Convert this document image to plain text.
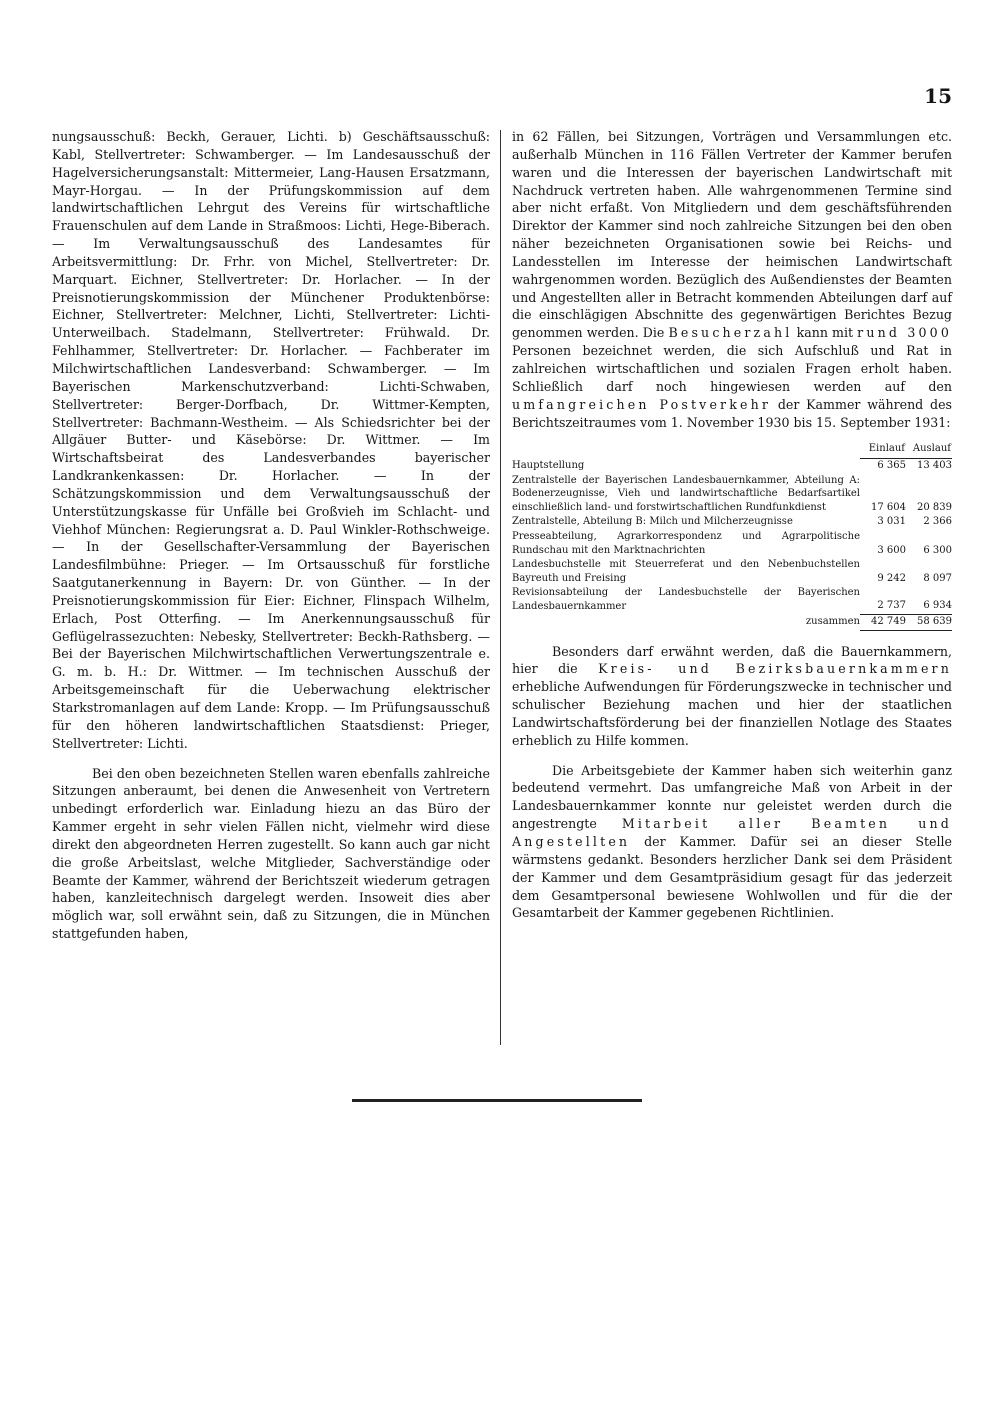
15

nungsausschuß: Beckh, Gerauer, Lichti. b) Geschäftsausschuß: Kabl, Stellvertreter: Schwamberger. — Im Landesausschuß der Hagelversicherungsanstalt: Mittermeier, Lang-Hausen Ersatzmann, Mayr-Horgau. — In der Prüfungskommission auf dem landwirtschaftlichen Lehrgut des Vereins für wirtschaftliche Frauenschulen auf dem Lande in Straßmoos: Lichti, Hege-Biberach. — Im Verwaltungsausschuß des Landesamtes für Arbeitsvermittlung: Dr. Frhr. von Michel, Stellvertreter: Dr. Marquart. Eichner, Stellvertreter: Dr. Horlacher. — In der Preisnotierungskommission der Münchener Produktenbörse: Eichner, Stellvertreter: Melchner, Lichti, Stellvertreter: Lichti-Unterweilbach. Stadelmann, Stellvertreter: Frühwald. Dr. Fehlhammer, Stellvertreter: Dr. Horlacher. — Fachberater im Milchwirtschaftlichen Landesverband: Schwamberger. — Im Bayerischen Markenschutzverband: Lichti-Schwaben, Stellvertreter: Berger-Dorfbach, Dr. Wittmer-Kempten, Stellvertreter: Bachmann-Westheim. — Als Schiedsrichter bei der Allgäuer Butter- und Käsebörse: Dr. Wittmer. — Im Wirtschaftsbeirat des Landesverbandes bayerischer Landkrankenkassen: Dr. Horlacher. — In der Schätzungskommission und dem Verwaltungsausschuß der Unterstützungskasse für Unfälle bei Großvieh im Schlacht- und Viehhof München: Regierungsrat a. D. Paul Winkler-Rothschweige. — In der Gesellschafter-Versammlung der Bayerischen Landesfilmbühne: Prieger. — Im Ortsausschuß für forstliche Saatgutanerkennung in Bayern: Dr. von Günther. — In der Preisnotierungskommission für Eier: Eichner, Flinspach Wilhelm, Erlach, Post Otterfing. — Im Anerkennungsausschuß für Geflügelrassezuchten: Nebesky, Stellvertreter: Beckh-Rathsberg. — Bei der Bayerischen Milchwirtschaftlichen Verwertungszentrale e. G. m. b. H.: Dr. Wittmer. — Im technischen Ausschuß der Arbeitsgemeinschaft für die Ueberwachung elektrischer Starkstromanlagen auf dem Lande: Kropp. — Im Prüfungsausschuß für den höheren landwirtschaftlichen Staatsdienst: Prieger, Stellvertreter: Lichti.

Bei den oben bezeichneten Stellen waren ebenfalls zahlreiche Sitzungen anberaumt, bei denen die Anwesenheit von Vertretern unbedingt erforderlich war. Einladung hiezu an das Büro der Kammer ergeht in sehr vielen Fällen nicht, vielmehr wird diese direkt den abgeordneten Herren zugestellt. So kann auch gar nicht die große Arbeitslast, welche Mitglieder, Sachverständige oder Beamte der Kammer, während der Berichtszeit wiederum getragen haben, kanzleitechnisch dargelegt werden. Insoweit dies aber möglich war, soll erwähnt sein, daß zu Sitzungen, die in München stattgefunden haben,

in 62 Fällen, bei Sitzungen, Vorträgen und Versammlungen etc. außerhalb München in 116 Fällen Vertreter der Kammer berufen waren und die Interessen der bayerischen Landwirtschaft mit Nachdruck vertreten haben. Alle wahrgenommenen Termine sind aber nicht erfaßt. Von Mitgliedern und dem geschäftsführenden Direktor der Kammer sind noch zahlreiche Sitzungen bei den oben näher bezeichneten Organisationen sowie bei Reichs- und Landesstellen im Interesse der heimischen Landwirtschaft wahrgenommen worden. Bezüglich des Außendienstes der Beamten und Angestellten aller in Betracht kommenden Abteilungen darf auf die einschlägigen Abschnitte des gegenwärtigen Berichtes Bezug genommen werden. Die Besucherzahl kann mit rund 3000 Personen bezeichnet werden, die sich Aufschluß und Rat in zahlreichen wirtschaftlichen und sozialen Fragen erholt haben. Schließlich darf noch hingewiesen werden auf den umfangreichen Postverkehr der Kammer während des Berichtszeitraumes vom 1. November 1930 bis 15. September 1931:

	Einlauf	Auslauf
Hauptstellung	6 365	13 403
Zentralstelle der Bayerischen Landesbauernkammer, Abteilung A: Bodenerzeugnisse, Vieh und landwirtschaftliche Bedarfsartikel einschließlich land- und forstwirtschaftlichen Rundfunkdienst	17 604	20 839
Zentralstelle, Abteilung B: Milch und Milcherzeugnisse	3 031	2 366
Presseabteilung, Agrarkorrespondenz und Agrarpolitische Rundschau mit den Marktnachrichten	3 600	6 300
Landesbuchstelle mit Steuerreferat und den Nebenbuchstellen Bayreuth und Freising	9 242	8 097
Revisionsabteilung der Landesbuchstelle der Bayerischen Landesbauernkammer	2 737	6 934
zusammen	42 749	58 639

Besonders darf erwähnt werden, daß die Bauernkammern, hier die Kreis- und Bezirksbauernkammern erhebliche Aufwendungen für Förderungszwecke in technischer und schulischer Beziehung machen und hier der staatlichen Landwirtschaftsförderung bei der finanziellen Notlage des Staates erheblich zu Hilfe kommen.

Die Arbeitsgebiete der Kammer haben sich weiterhin ganz bedeutend vermehrt. Das umfangreiche Maß von Arbeit in der Landesbauernkammer konnte nur geleistet werden durch die angestrengte Mitarbeit aller Beamten und Angestellten der Kammer. Dafür sei an dieser Stelle wärmstens gedankt. Besonders herzlicher Dank sei dem Präsident der Kammer und dem Gesamtpräsidium gesagt für das jederzeit dem Gesamtpersonal bewiesene Wohlwollen und für die der Gesamtarbeit der Kammer gegebenen Richtlinien.
